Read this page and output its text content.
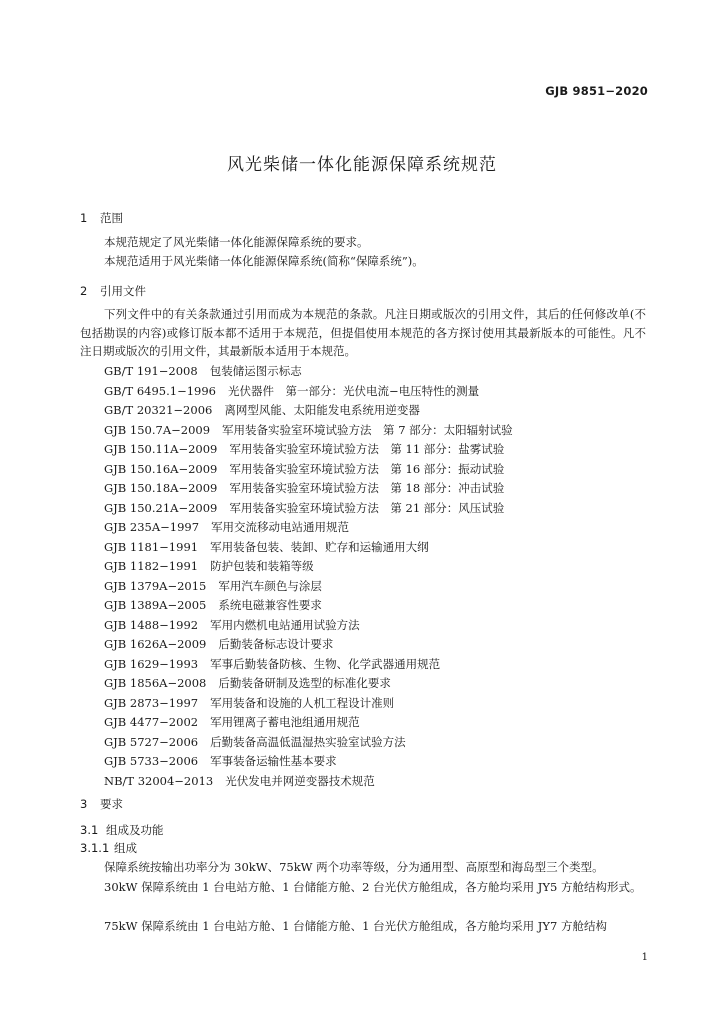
GJB 9851−2020
风光柴储一体化能源保障系统规范
1 范围
本规范规定了风光柴储一体化能源保障系统的要求。
本规范适用于风光柴储一体化能源保障系统(简称“保障系统”)。
2 引用文件
下列文件中的有关条款通过引用而成为本规范的条款。凡注日期或版次的引用文件，其后的任何修改单(不包括勘误的内容)或修订版本都不适用于本规范，但提倡使用本规范的各方探讨使用其最新版本的可能性。凡不注日期或版次的引用文件，其最新版本适用于本规范。
GB/T 191−2008 包装储运图示标志
GB/T 6495.1−1996 光伏器件　第一部分：光伏电流−电压特性的测量
GB/T 20321−2006 离网型风能、太阳能发电系统用逆变器
GJB 150.7A−2009 军用装备实验室环境试验方法　第 7 部分：太阳辐射试验
GJB 150.11A−2009 军用装备实验室环境试验方法　第 11 部分：盐雾试验
GJB 150.16A−2009 军用装备实验室环境试验方法　第 16 部分：振动试验
GJB 150.18A−2009 军用装备实验室环境试验方法　第 18 部分：冲击试验
GJB 150.21A−2009 军用装备实验室环境试验方法　第 21 部分：风压试验
GJB 235A−1997 军用交流移动电站通用规范
GJB 1181−1991 军用装备包装、装卸、贮存和运输通用大纲
GJB 1182−1991 防护包装和装箱等级
GJB 1379A−2015 军用汽车颜色与涂层
GJB 1389A−2005 系统电磁兼容性要求
GJB 1488−1992 军用内燃机电站通用试验方法
GJB 1626A−2009 后勤装备标志设计要求
GJB 1629−1993 军事后勤装备防核、生物、化学武器通用规范
GJB 1856A−2008 后勤装备研制及选型的标准化要求
GJB 2873−1997 军用装备和设施的人机工程设计准则
GJB 4477−2002 军用锂离子蓄电池组通用规范
GJB 5727−2006 后勤装备高温低温湿热实验室试验方法
GJB 5733−2006 军事装备运输性基本要求
NB/T 32004−2013 光伏发电并网逆变器技术规范
3 要求
3.1 组成及功能
3.1.1 组成
保障系统按输出功率分为 30kW、75kW 两个功率等级，分为通用型、高原型和海岛型三个类型。
30kW 保障系统由 1 台电站方舱、1 台储能方舱、2 台光伏方舱组成，各方舱均采用 JY5 方舱结构形式。
75kW 保障系统由 1 台电站方舱、1 台储能方舱、1 台光伏方舱组成，各方舱均采用 JY7 方舱结构
1
